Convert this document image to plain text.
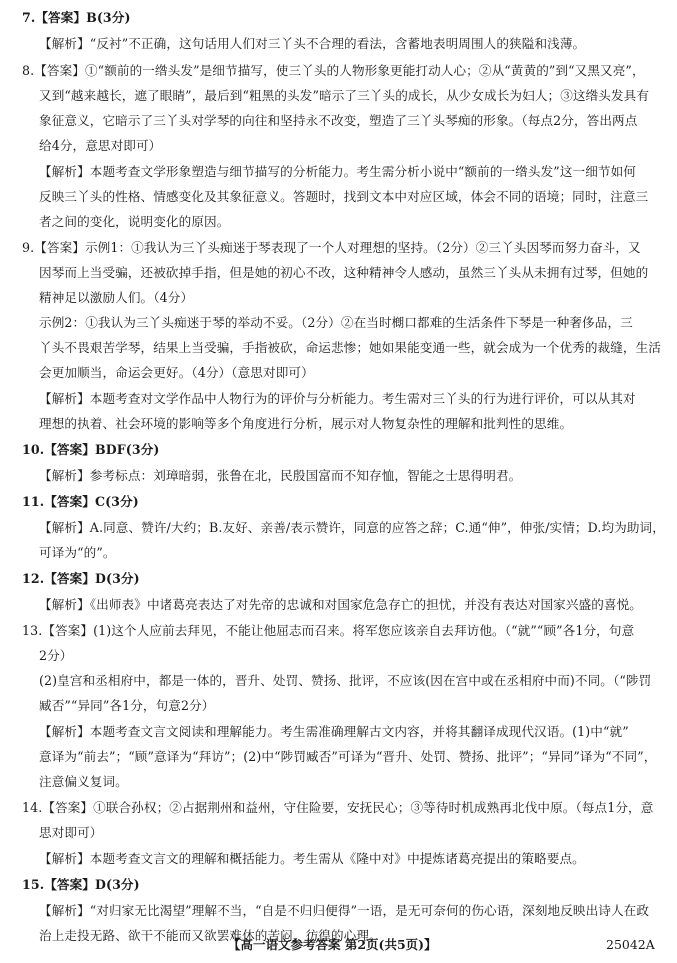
7.【答案】B(3分)
【解析】“反衬”不正确，这句话用人们对三丫头不合理的看法，含蓄地表明周围人的狭隘和浅薄。
8.【答案】①“额前的一绺头发”是细节描写，使三丫头的人物形象更能打动人心；②从“黄黄的”到“又黑又亮”，
又到“越来越长，遮了眼睛”，最后到“粗黑的头发”暗示了三丫头的成长，从少女成长为妇人；③这绺头发具有
象征意义，它暗示了三丫头对学琴的向往和坚持永不改变，塑造了三丫头琴痴的形象。（每点2分，答出两点
给4分，意思对即可）
【解析】本题考查文学形象塑造与细节描写的分析能力。考生需分析小说中“额前的一绺头发”这一细节如何
反映三丫头的性格、情感变化及其象征意义。答题时，找到文本中对应区域，体会不同的语境；同时，注意三
者之间的变化，说明变化的原因。
9.【答案】示例1：①我认为三丫头痴迷于琴表现了一个人对理想的坚持。（2分）②三丫头因琴而努力奋斗，又
因琴而上当受骗，还被砍掉手指，但是她的初心不改，这种精神令人感动，虽然三丫头从未拥有过琴，但她的
精神足以激励人们。（4分）
示例2：①我认为三丫头痴迷于琴的举动不妥。（2分）②在当时樃口都难的生活条件下琴是一种奢侈品，三
丫头不畏艰苦学琴，结果上当受骗，手指被砍，命运悲惨；她如果能变通一些，就会成为一个优秀的裁缝，生活
会更加顺当，命运会更好。（4分）（意思对即可）
【解析】本题考查对文学作品中人物行为的评价与分析能力。考生需对三丫头的行为进行评价，可以从其对
理想的执着、社会环境的影响等多个角度进行分析，展示对人物复杂性的理解和批判性的思维。
10.【答案】BDF(3分)
【解析】参考标点：刘璋暗弱，张鲁在北，民殷国富而不知存恤，智能之士思得明君。
11.【答案】C(3分)
【解析】A.同意、赞许/大约；B.友好、亲善/表示赞许，同意的应答之辞；C.通“伸”，伸张/实情；D.均为助词，
可译为“的”。
12.【答案】D(3分)
【解析】《出师表》中诸葛亮表达了对先帝的忠诚和对国家危急存亡的担忧，并没有表达对国家兴盛的喜悦。
13.【答案】(1)这个人应前去拜见，不能让他屈志而召来。将军您应该亲自去拜访他。（“就”“顾”各1分，句意
2分）
(2)皇宫和丞相府中，都是一体的，晋升、处罚、赞扬、批评，不应该(因在宫中或在丞相府中而)不同。（“陟罚
臧否”“异同”各1分，句意2分）
【解析】本题考查文言文阅读和理解能力。考生需准确理解古文内容，并将其翻译成现代汉语。(1)中“就”
意译为“前去”；“顾”意译为“拜访”；(2)中“陟罚臧否”可译为“晋升、处罚、赞扬、批评”；“异同”译为“不同”，
注意偏义复词。
14.【答案】①联合孙权；②占据荆州和益州，守住险要，安抚民心；③等待时机成熟再北伐中原。（每点1分，意
思对即可）
【解析】本题考查文言文的理解和概括能力。考生需从《隆中对》中提炼诸葛亮提出的策略要点。
15.【答案】D(3分)
【解析】“对归家无比渴望”理解不当，“自是不归归便得”一语，是无可奈何的伤心语，深刻地反映出诗人在政
治上走投无路、欲干不能而又欲罢难休的苦闷、彷徨的心理。
【高一语文参考答案 第2页(共5页)】	25042A
